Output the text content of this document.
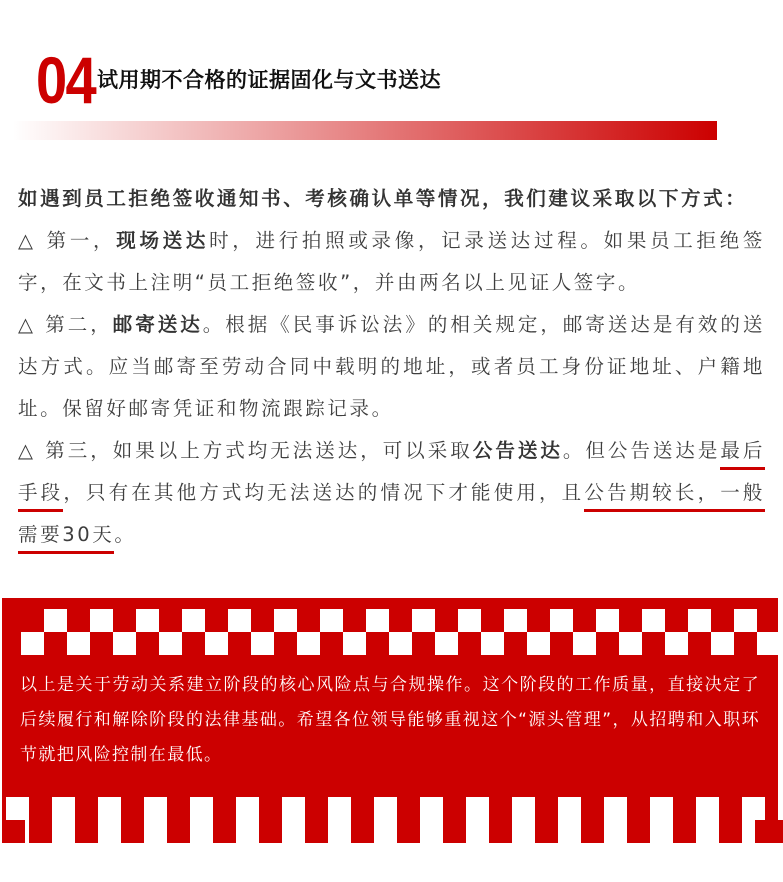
04 试用期不合格的证据固化与文书送达

如遇到员工拒绝签收通知书、考核确认单等情况，我们建议采取以下方式：

△ 第一，现场送达时，进行拍照或录像，记录送达过程。如果员工拒绝签字，在文书上注明“员工拒绝签收”，并由两名以上见证人签字。

△ 第二，邮寄送达。根据《民事诉讼法》的相关规定，邮寄送达是有效的送达方式。应当邮寄至劳动合同中载明的地址，或者员工身份证地址、户籍地址。保留好邮寄凭证和物流跟踪记录。

△ 第三，如果以上方式均无法送达，可以采取公告送达。但公告送达是最后手段，只有在其他方式均无法送达的情况下才能使用，且公告期较长，一般需要30天。

以上是关于劳动关系建立阶段的核心风险点与合规操作。这个阶段的工作质量，直接决定了后续履行和解除阶段的法律基础。希望各位领导能够重视这个“源头管理”，从招聘和入职环节就把风险控制在最低。
